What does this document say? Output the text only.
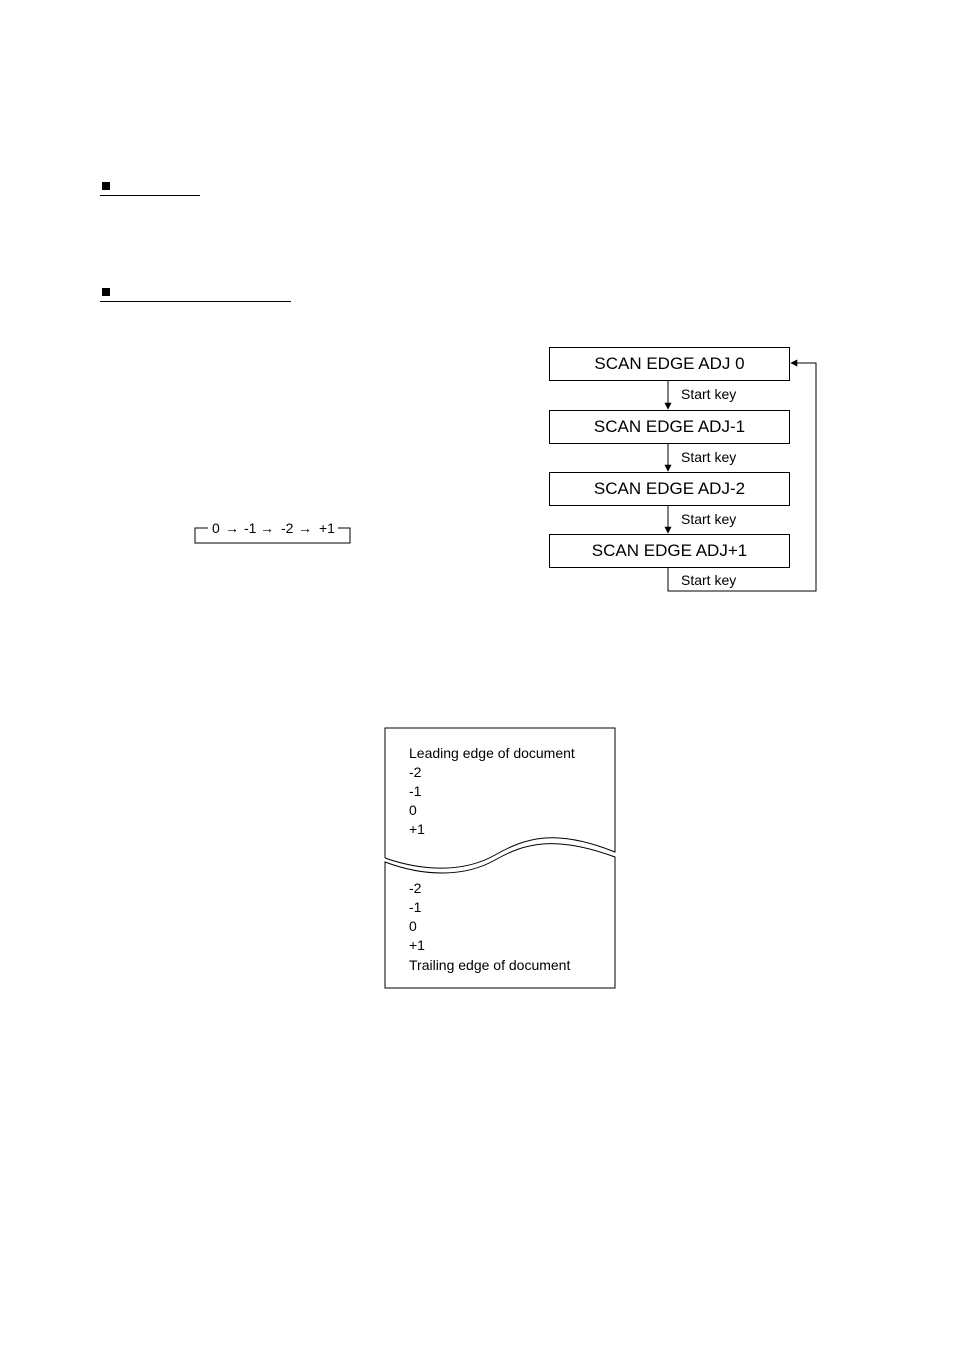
0 → -1 → -2 → +1
SCAN EDGE ADJ 0
SCAN EDGE ADJ-1
SCAN EDGE ADJ-2
SCAN EDGE ADJ+1
Start key
Start key
Start key
Start key
Leading edge of document
-2
-1
0
+1
-2
-1
0
+1
Trailing edge of document
